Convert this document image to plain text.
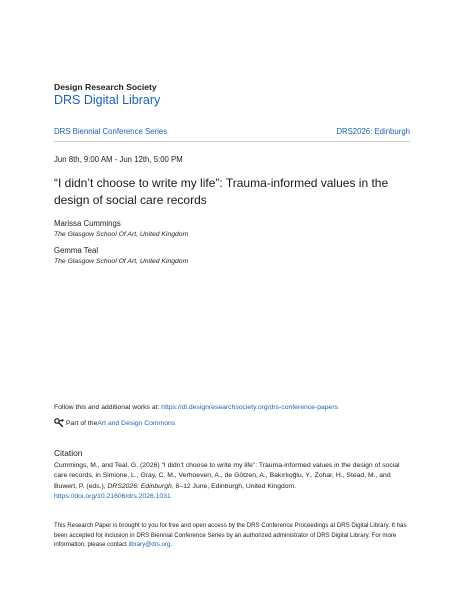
Design Research Society
DRS Digital Library
DRS Biennial Conference Series	DRS2026: Edinburgh
Jun 8th, 9:00 AM - Jun 12th, 5:00 PM
“I didn’t choose to write my life”: Trauma-informed values in the design of social care records
Marissa Cummings
The Glasgow School Of Art, United Kingdom
Gemma Teal
The Glasgow School Of Art, United Kingdom
Follow this and additional works at: https://dl.designresearchsociety.org/drs-conference-papers
Part of the Art and Design Commons
Citation
Cummings, M., and Teal, G. (2026) “I didn’t choose to write my life”: Trauma-informed values in the design of social care records, in Simione, L., Gray, C. M., Verhoeven, A., de Götzen, A., Bakırlıoğlu, Y., Zohar, H., Stead, M., and Buwert, P. (eds.), DRS2026: Edinburgh, 8–12 June, Edinburgh, United Kingdom.
https://doi.org/10.21606/drs.2026.1031
This Research Paper is brought to you for free and open access by the DRS Conference Proceedings at DRS Digital Library. It has been accepted for inclusion in DRS Biennial Conference Series by an authorized administrator of DRS Digital Library. For more information, please contact library@drs.org.
